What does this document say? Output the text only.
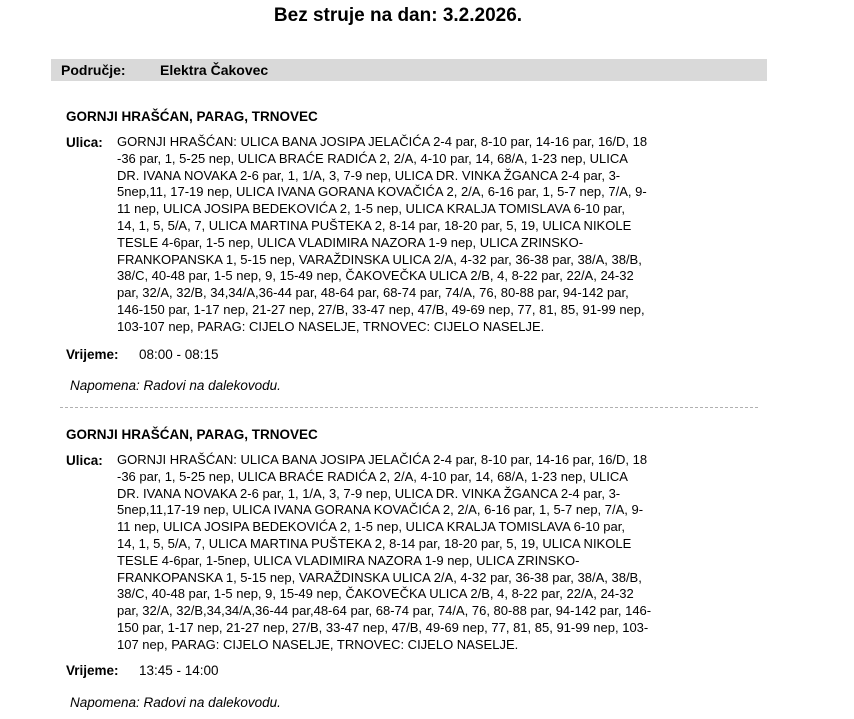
Bez struje na dan: 3.2.2026.
Područje: Elektra Čakovec
GORNJI HRAŠĆAN, PARAG, TRNOVEC
Ulica: GORNJI HRAŠĆAN: ULICA BANA JOSIPA JELAČIĆA 2-4 par, 8-10 par, 14-16 par, 16/D, 18
-36 par, 1, 5-25 nep, ULICA BRAĆE RADIĆA 2, 2/A, 4-10 par, 14, 68/A, 1-23 nep, ULICA
DR. IVANA NOVAKA 2-6 par, 1, 1/A, 3, 7-9 nep, ULICA DR. VINKA ŽGANCA 2-4 par, 3-
5nep,11, 17-19 nep, ULICA IVANA GORANA KOVAČIĆA 2, 2/A, 6-16 par, 1, 5-7 nep, 7/A, 9-
11 nep, ULICA JOSIPA BEDEKOVIĆA 2, 1-5 nep, ULICA KRALJA TOMISLAVA 6-10 par,
14, 1, 5, 5/A, 7, ULICA MARTINA PUŠTEKA 2, 8-14 par, 18-20 par, 5, 19, ULICA NIKOLE
TESLE 4-6par, 1-5 nep, ULICA VLADIMIRA NAZORA 1-9 nep, ULICA ZRINSKO-
FRANKOPANSKA 1, 5-15 nep, VARAŽDINSKA ULICA 2/A, 4-32 par, 36-38 par, 38/A, 38/B,
38/C, 40-48 par, 1-5 nep, 9, 15-49 nep, ČAKOVEČKA ULICA 2/B, 4, 8-22 par, 22/A, 24-32
par, 32/A, 32/B, 34,34/A,36-44 par, 48-64 par, 68-74 par, 74/A, 76, 80-88 par, 94-142 par,
146-150 par, 1-17 nep, 21-27 nep, 27/B, 33-47 nep, 47/B, 49-69 nep, 77, 81, 85, 91-99 nep,
103-107 nep, PARAG: CIJELO NASELJE, TRNOVEC: CIJELO NASELJE.
Vrijeme: 08:00 - 08:15
Napomena: Radovi na dalekovodu.
GORNJI HRAŠĆAN, PARAG, TRNOVEC
Ulica: GORNJI HRAŠĆAN: ULICA BANA JOSIPA JELAČIĆA 2-4 par, 8-10 par, 14-16 par, 16/D, 18
-36 par, 1, 5-25 nep, ULICA BRAĆE RADIĆA 2, 2/A, 4-10 par, 14, 68/A, 1-23 nep, ULICA
DR. IVANA NOVAKA 2-6 par, 1, 1/A, 3, 7-9 nep, ULICA DR. VINKA ŽGANCA 2-4 par, 3-
5nep,11,17-19 nep, ULICA IVANA GORANA KOVAČIĆA 2, 2/A, 6-16 par, 1, 5-7 nep, 7/A, 9-
11 nep, ULICA JOSIPA BEDEKOVIĆA 2, 1-5 nep, ULICA KRALJA TOMISLAVA 6-10 par,
14, 1, 5, 5/A, 7, ULICA MARTINA PUŠTEKA 2, 8-14 par, 18-20 par, 5, 19, ULICA NIKOLE
TESLE 4-6par, 1-5nep, ULICA VLADIMIRA NAZORA 1-9 nep, ULICA ZRINSKO-
FRANKOPANSKA 1, 5-15 nep, VARAŽDINSKA ULICA 2/A, 4-32 par, 36-38 par, 38/A, 38/B,
38/C, 40-48 par, 1-5 nep, 9, 15-49 nep, ČAKOVEČKA ULICA 2/B, 4, 8-22 par, 22/A, 24-32
par, 32/A, 32/B,34,34/A,36-44 par,48-64 par, 68-74 par, 74/A, 76, 80-88 par, 94-142 par, 146-
150 par, 1-17 nep, 21-27 nep, 27/B, 33-47 nep, 47/B, 49-69 nep, 77, 81, 85, 91-99 nep, 103-
107 nep, PARAG: CIJELO NASELJE, TRNOVEC: CIJELO NASELJE.
Vrijeme: 13:45 - 14:00
Napomena: Radovi na dalekovodu.
